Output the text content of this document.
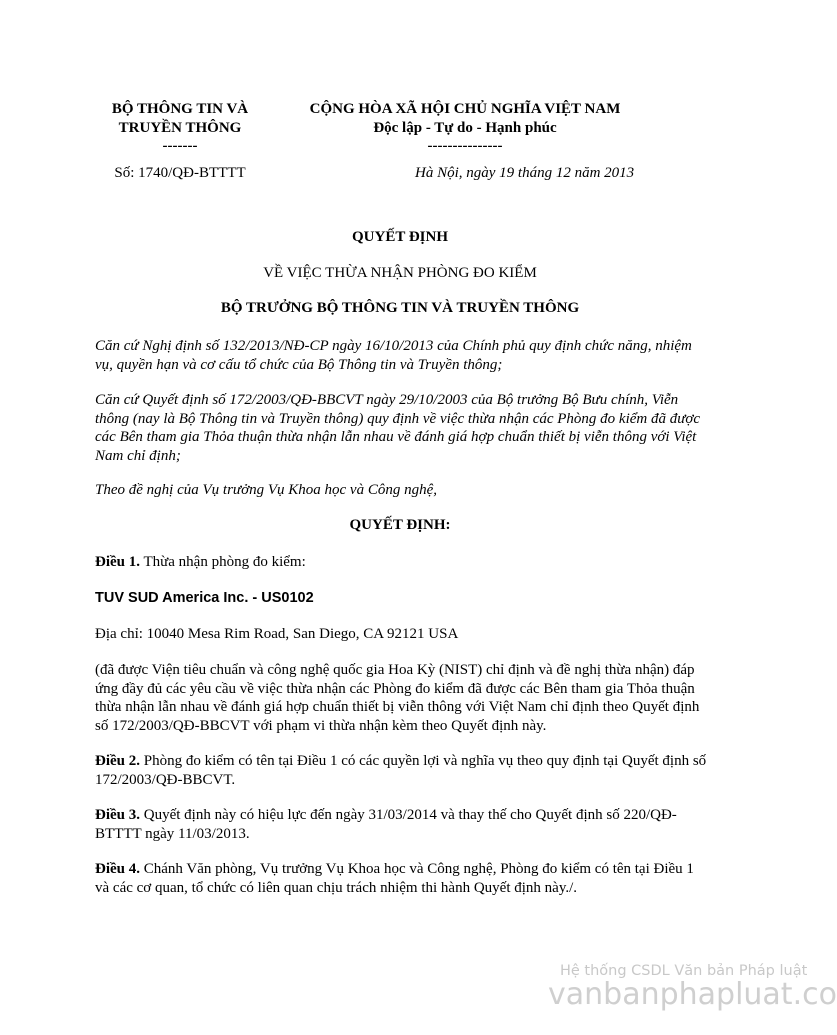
BỘ THÔNG TIN VÀ
TRUYỀN THÔNG
-------
Số: 1740/QĐ-BTTTT
CỘNG HÒA XÃ HỘI CHỦ NGHĨA VIỆT NAM
Độc lập - Tự do - Hạnh phúc
---------------
Hà Nội, ngày 19 tháng 12 năm 2013
QUYẾT ĐỊNH
VỀ VIỆC THỪA NHẬN PHÒNG ĐO KIỂM
BỘ TRƯỞNG BỘ THÔNG TIN VÀ TRUYỀN THÔNG
Căn cứ Nghị định số 132/2013/NĐ-CP ngày 16/10/2013 của Chính phủ quy định chức năng, nhiệm vụ, quyền hạn và cơ cấu tổ chức của Bộ Thông tin và Truyền thông;
Căn cứ Quyết định số 172/2003/QĐ-BBCVT ngày 29/10/2003 của Bộ trưởng Bộ Bưu chính, Viễn thông (nay là Bộ Thông tin và Truyền thông) quy định về việc thừa nhận các Phòng đo kiểm đã được các Bên tham gia Thỏa thuận thừa nhận lẫn nhau về đánh giá hợp chuẩn thiết bị viễn thông với Việt Nam chỉ định;
Theo đề nghị của Vụ trưởng Vụ Khoa học và Công nghệ,
QUYẾT ĐỊNH:
Điều 1. Thừa nhận phòng đo kiểm:
TUV SUD America Inc. - US0102
Địa chỉ: 10040 Mesa Rim Road, San Diego, CA 92121 USA
(đã được Viện tiêu chuẩn và công nghệ quốc gia Hoa Kỳ (NIST) chỉ định và đề nghị thừa nhận) đáp ứng đầy đủ các yêu cầu về việc thừa nhận các Phòng đo kiểm đã được các Bên tham gia Thỏa thuận thừa nhận lẫn nhau về đánh giá hợp chuẩn thiết bị viễn thông với Việt Nam chỉ định theo Quyết định số 172/2003/QĐ-BBCVT với phạm vi thừa nhận kèm theo Quyết định này.
Điều 2. Phòng đo kiểm có tên tại Điều 1 có các quyền lợi và nghĩa vụ theo quy định tại Quyết định số 172/2003/QĐ-BBCVT.
Điều 3. Quyết định này có hiệu lực đến ngày 31/03/2014 và thay thế cho Quyết định số 220/QĐ-BTTTT ngày 11/03/2013.
Điều 4. Chánh Văn phòng, Vụ trưởng Vụ Khoa học và Công nghệ, Phòng đo kiểm có tên tại Điều 1 và các cơ quan, tổ chức có liên quan chịu trách nhiệm thi hành Quyết định này./.
Hệ thống CSDL Văn bản Pháp luật
vanbanphapluat.co
